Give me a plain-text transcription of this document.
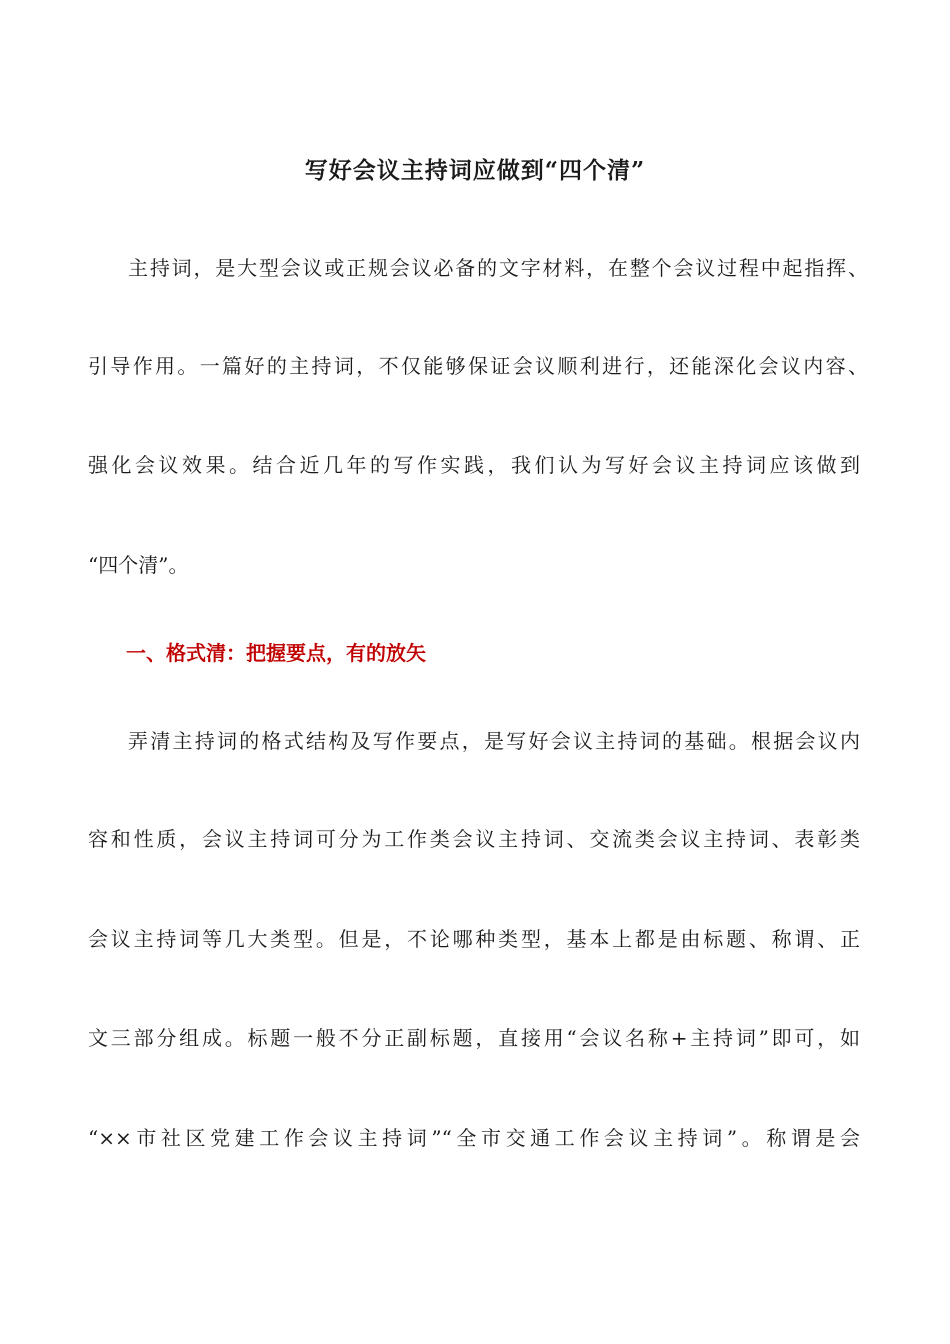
写好会议主持词应做到“四个清”

主持词，是大型会议或正规会议必备的文字材料，在整个会议过程中起指挥、

引导作用。一篇好的主持词，不仅能够保证会议顺利进行，还能深化会议内容、

强化会议效果。结合近几年的写作实践，我们认为写好会议主持词应该做到

“四个清”。

一、格式清：把握要点，有的放矢

弄清主持词的格式结构及写作要点，是写好会议主持词的基础。根据会议内

容和性质，会议主持词可分为工作类会议主持词、交流类会议主持词、表彰类

会议主持词等几大类型。但是，不论哪种类型，基本上都是由标题、称谓、正

文三部分组成。标题一般不分正副标题，直接用“会议名称+主持词”即可，如

“××市社区党建工作会议主持词”“全市交通工作会议主持词”。称谓是会
